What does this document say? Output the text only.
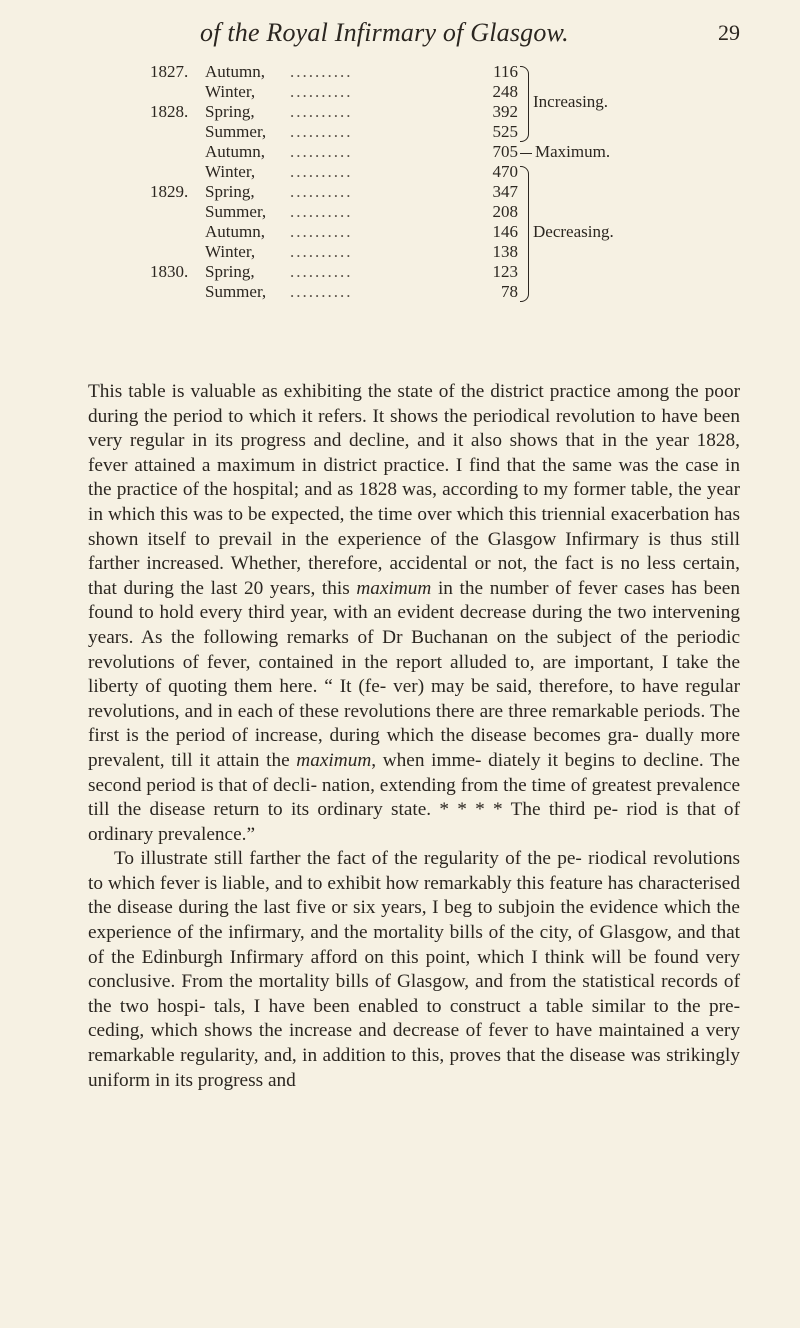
of the Royal Infirmary of Glasgow.	29
1827. Autumn, ..........	116
Winter, ..........	248
1828. Spring, ..........	392
Summer, ..........	525
Autumn, ..........	705
Winter, ..........	470
1829. Spring, ..........	347
Summer, ..........	208
Autumn, ..........	146
Winter, ..........	138
1830. Spring, ..........	123
Summer, ..........	78
Increasing.
Maximum.
Decreasing.

This table is valuable as exhibiting the state of the district practice among the poor during the period to which it refers. It shows the periodical revolution to have been very regular in its progress and decline, and it also shows that in the year 1828, fever attained a maximum in district practice. I find that the same was the case in the practice of the hospital; and as 1828 was, according to my former table, the year in which this was to be expected, the time over which this triennial exacerbation has shown itself to prevail in the experience of the Glasgow Infirmary is thus still farther increased. Whether, therefore, accidental or not, the fact is no less certain, that during the last 20 years, this maximum in the number of fever cases has been found to hold every third year, with an evident decrease during the two intervening years. As the following remarks of Dr Buchanan on the subject of the periodic revolutions of fever, contained in the report alluded to, are important, I take the liberty of quoting them here. “ It (fe- ver) may be said, therefore, to have regular revolutions, and in each of these revolutions there are three remarkable periods. The first is the period of increase, during which the disease becomes gra- dually more prevalent, till it attain the maximum, when imme- diately it begins to decline. The second period is that of decli- nation, extending from the time of greatest prevalence till the disease return to its ordinary state. * * * * The third pe- riod is that of ordinary prevalence.”

To illustrate still farther the fact of the regularity of the pe- riodical revolutions to which fever is liable, and to exhibit how remarkably this feature has characterised the disease during the last five or six years, I beg to subjoin the evidence which the experience of the infirmary, and the mortality bills of the city, of Glasgow, and that of the Edinburgh Infirmary afford on this point, which I think will be found very conclusive. From the mortality bills of Glasgow, and from the statistical records of the two hospi- tals, I have been enabled to construct a table similar to the pre- ceding, which shows the increase and decrease of fever to have maintained a very remarkable regularity, and, in addition to this, proves that the disease was strikingly uniform in its progress and
